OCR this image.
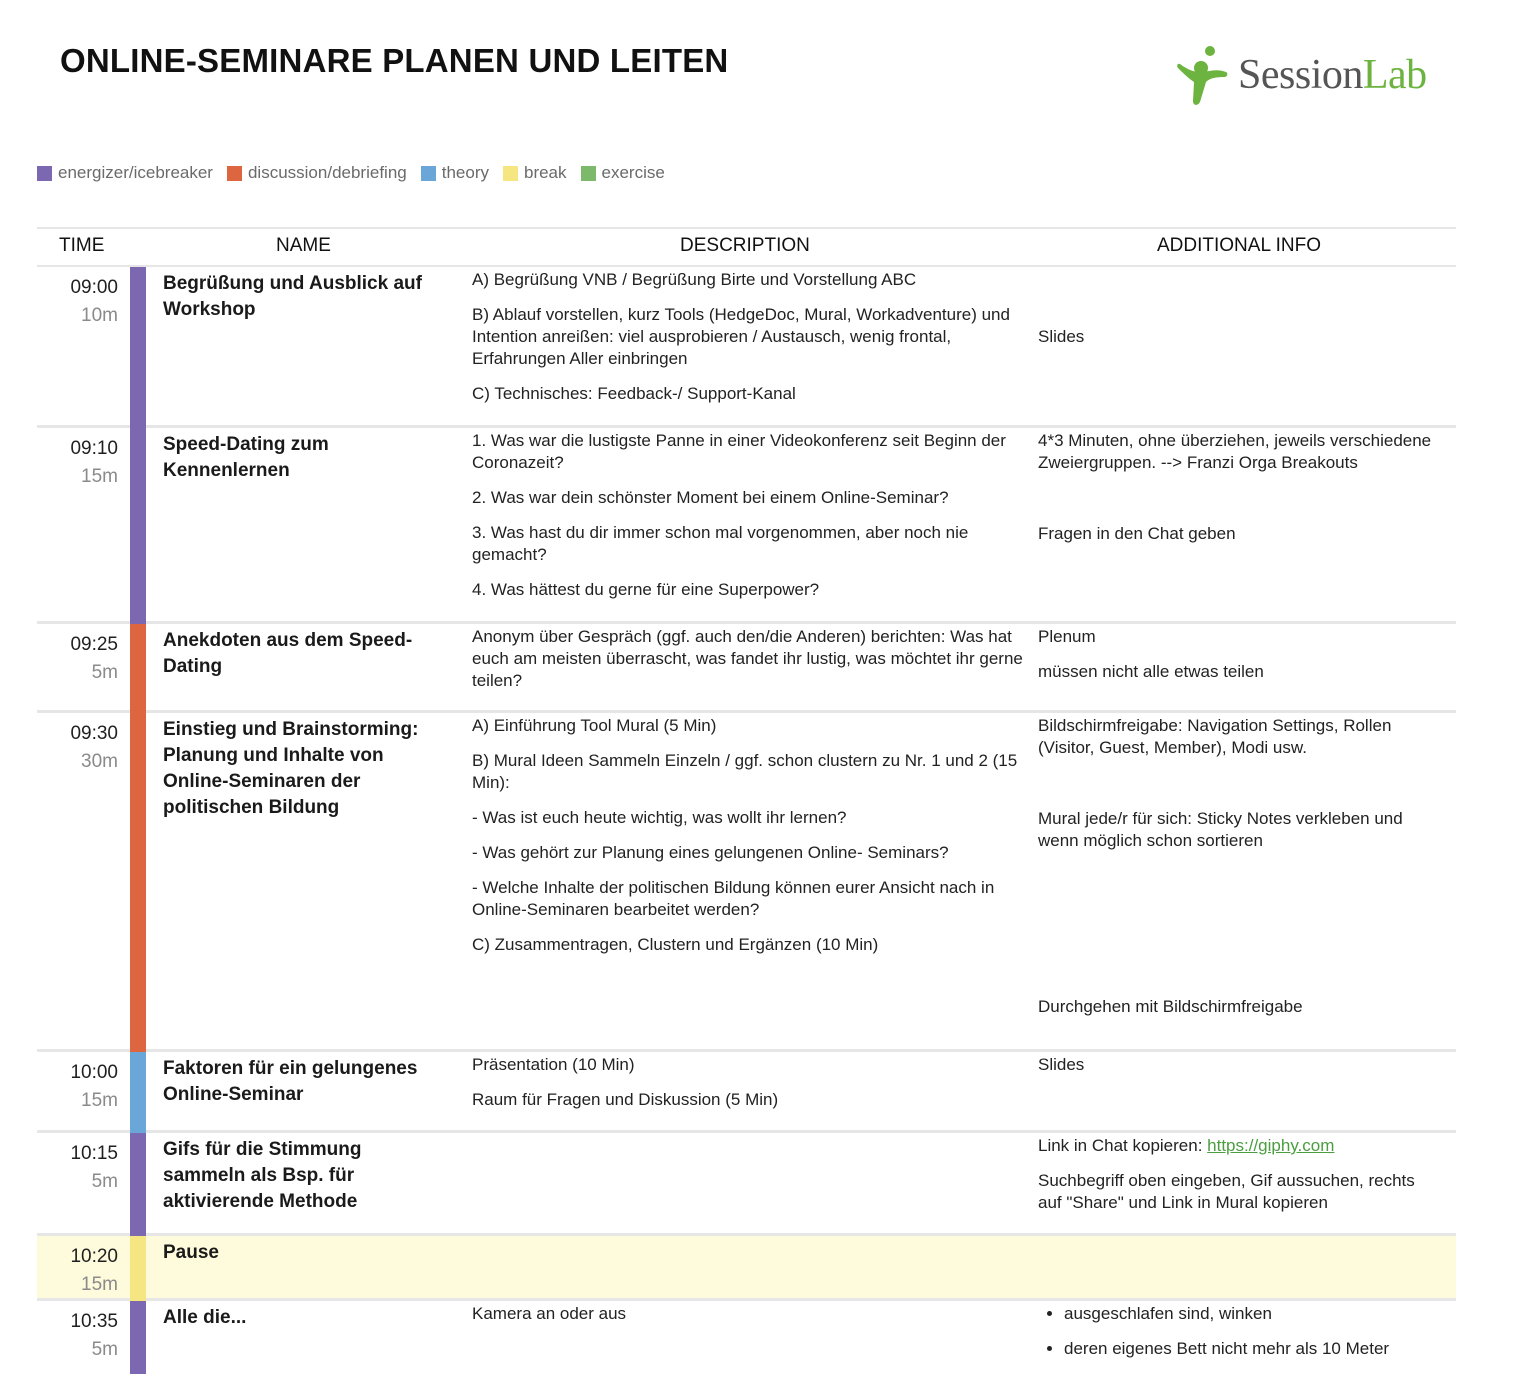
ONLINE-SEMINARE PLANEN UND LEITEN	SessionLab
energizer/icebreaker discussion/debriefing theory break exercise
TIME	NAME	DESCRIPTION	ADDITIONAL INFO
09:00
10m
Begrüßung und Ausblick auf Workshop

A) Begrüßung VNB / Begrüßung Birte und Vorstellung ABC

B) Ablauf vorstellen, kurz Tools (HedgeDoc, Mural, Workadventure) und Intention anreißen: viel ausprobieren / Austausch, wenig frontal, Erfahrungen Aller einbringen

C) Technisches: Feedback-/ Support-Kanal

Slides

09:10
15m
Speed-Dating zum Kennenlernen

1. Was war die lustigste Panne in einer Videokonferenz seit Beginn der Coronazeit?

2. Was war dein schönster Moment bei einem Online-Seminar?

3. Was hast du dir immer schon mal vorgenommen, aber noch nie gemacht?

4. Was hättest du gerne für eine Superpower?

4*3 Minuten, ohne überziehen, jeweils verschiedene Zweiergruppen. --> Franzi Orga Breakouts

Fragen in den Chat geben

09:25
5m
Anekdoten aus dem Speed-Dating

Anonym über Gespräch (ggf. auch den/die Anderen) berichten: Was hat euch am meisten überrascht, was fandet ihr lustig, was möchtet ihr gerne teilen?

Plenum

müssen nicht alle etwas teilen

09:30
30m
Einstieg und Brainstorming: Planung und Inhalte von Online-Seminaren der politischen Bildung

A) Einführung Tool Mural (5 Min)

B) Mural Ideen Sammeln Einzeln / ggf. schon clustern zu Nr. 1 und 2 (15 Min):

- Was ist euch heute wichtig, was wollt ihr lernen?

- Was gehört zur Planung eines gelungenen Online- Seminars?

- Welche Inhalte der politischen Bildung können eurer Ansicht nach in Online-Seminaren bearbeitet werden?

C) Zusammentragen, Clustern und Ergänzen (10 Min)

Bildschirmfreigabe: Navigation Settings, Rollen (Visitor, Guest, Member), Modi usw.

Mural jede/r für sich: Sticky Notes verkleben und wenn möglich schon sortieren

Durchgehen mit Bildschirmfreigabe

10:00
15m
Faktoren für ein gelungenes Online-Seminar

Präsentation (10 Min)

Raum für Fragen und Diskussion (5 Min)

Slides

10:15
5m
Gifs für die Stimmung sammeln als Bsp. für aktivierende Methode

Link in Chat kopieren: https://giphy.com

Suchbegriff oben eingeben, Gif aussuchen, rechts auf "Share" und Link in Mural kopieren

10:20
15m
Pause
10:35
5m
Alle die...	Kamera an oder aus

•	ausgeschlafen sind, winken
• deren eigenes Bett nicht mehr als 10 Meter
